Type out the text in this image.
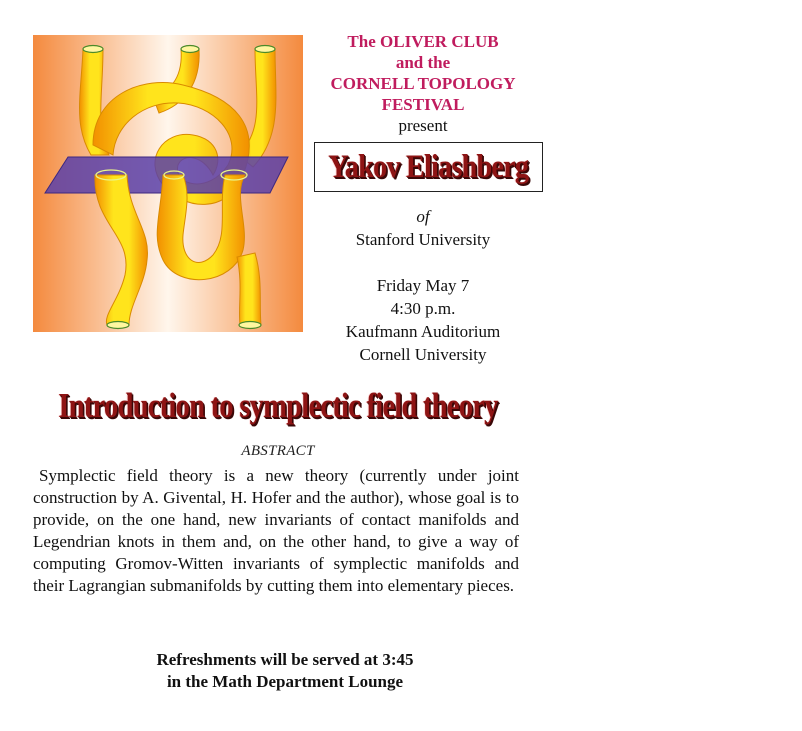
The OLIVER CLUB
and the
CORNELL TOPOLOGY
FESTIVAL
present
Yakov Eliashberg
of
Stanford University
Friday May 7
4:30 p.m.
Kaufmann Auditorium
Cornell University
Introduction to symplectic field theory
ABSTRACT
Symplectic field theory is a new theory (currently under joint construction by A. Givental, H. Hofer and the author), whose goal is to provide, on the one hand, new invariants of contact manifolds and Legendrian knots in them and, on the other hand, to give a way of computing Gromov-Witten invariants of symplectic manifolds and their Lagrangian submanifolds by cutting them into elementary pieces.
Refreshments will be served at 3:45
in the Math Department Lounge
